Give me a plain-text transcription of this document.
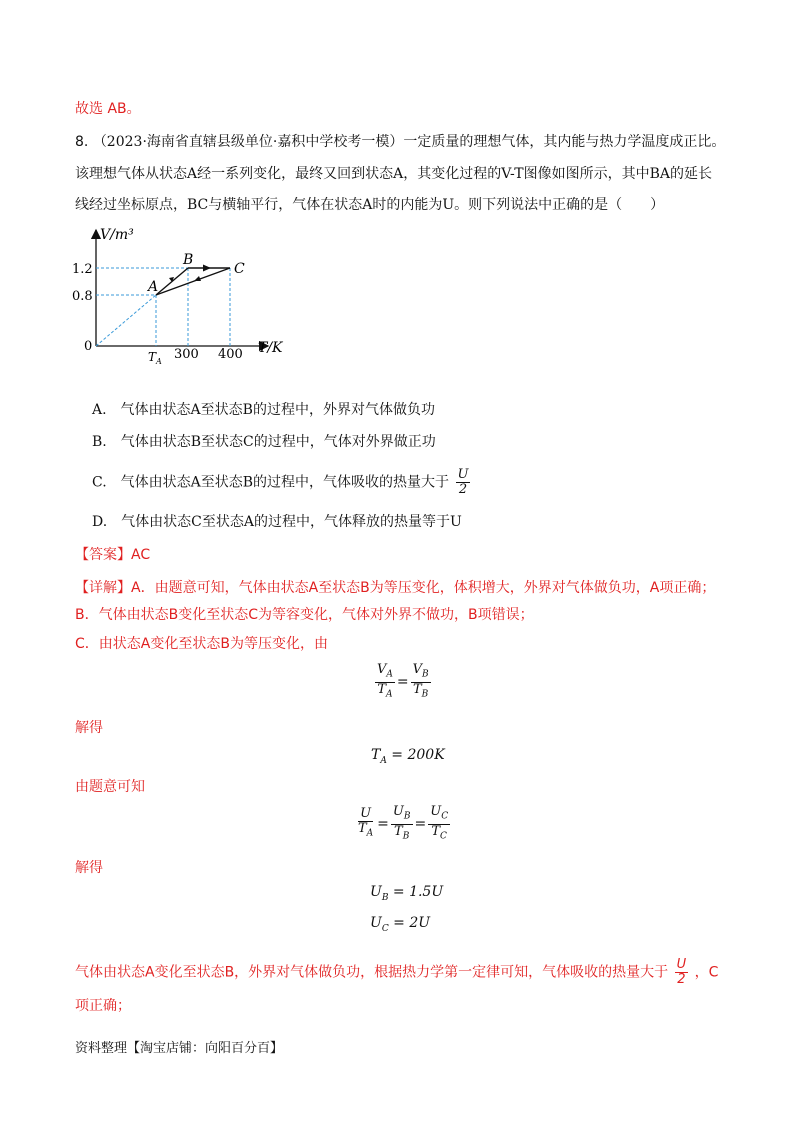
故选 AB。
8. （2023·海南省直辖县级单位·嘉积中学校考一模）一定质量的理想气体，其内能与热力学温度成正比。
该理想气体从状态A经一系列变化，最终又回到状态A，其变化过程的V-T图像如图所示，其中BA的延长
线经过坐标原点，BC与横轴平行，气体在状态A时的内能为U。则下列说法中正确的是（　　）
V/m³
T/K
0
1.2
0.8
$T_A$ 300 400
A
B
C
A.　气体由状态A至状态B的过程中，外界对气体做负功
B.　气体由状态B至状态C的过程中，气体对外界做正功
C.　气体由状态A至状态B的过程中，气体吸收的热量大于 $\frac{U}{2}$
D.　气体由状态C至状态A的过程中，气体释放的热量等于U
【答案】AC
【详解】A．由题意可知，气体由状态A至状态B为等压变化，体积增大，外界对气体做负功，A项正确；
B．气体由状态B变化至状态C为等容变化，气体对外界不做功，B项错误；
C．由状态A变化至状态B为等压变化，由
$\frac{V_A}{T_A} = \frac{V_B}{T_B}$
解得
$T_A = 200K$
由题意可知
$\frac{U}{T_A} = \frac{U_B}{T_B} = \frac{U_C}{T_C}$
解得
$U_B = 1.5U$
$U_C = 2U$
气体由状态A变化至状态B，外界对气体做负功，根据热力学第一定律可知，气体吸收的热量大于 $\frac{U}{2}$ ，C
项正确；
资料整理【淘宝店铺：向阳百分百】
